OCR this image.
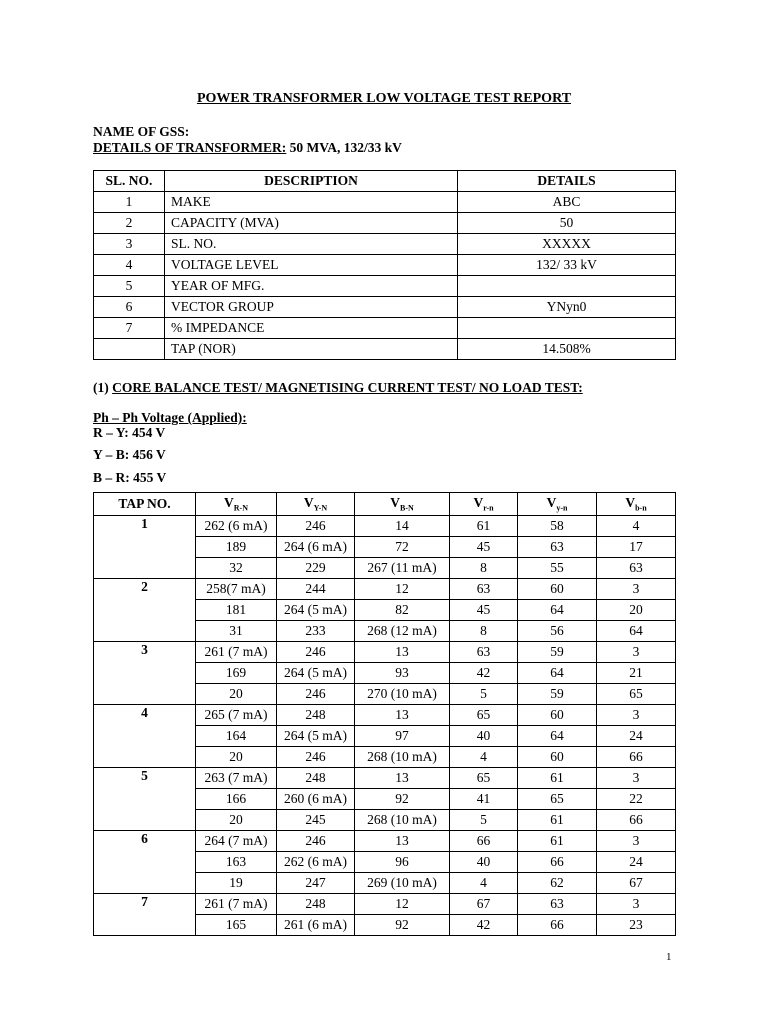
POWER TRANSFORMER LOW VOLTAGE TEST REPORT
NAME OF GSS:
DETAILS OF TRANSFORMER: 50 MVA, 132/33 kV
SL. NO.	DESCRIPTION	DETAILS
1	MAKE	ABC
2	CAPACITY (MVA)	50
3	SL. NO.	XXXXX
4	VOLTAGE LEVEL	132/ 33 kV
5	YEAR OF MFG.	
6	VECTOR GROUP	YNyn0
7	% IMPEDANCE	
	TAP (NOR)	14.508%
(1) CORE BALANCE TEST/ MAGNETISING CURRENT TEST/ NO LOAD TEST:
Ph – Ph Voltage (Applied):
R – Y: 454 V
Y – B: 456 V
B – R: 455 V
TAP NO.	$V_{R-N}$	$V_{Y-N}$	$V_{B-N}$	$V_{r-n}$	$V_{y-n}$	$V_{b-n}$
1	262 (6 mA)	246	14	61	58	4
	189	264 (6 mA)	72	45	63	17
	32	229	267 (11 mA)	8	55	63
2	258(7 mA)	244	12	63	60	3
	181	264 (5 mA)	82	45	64	20
	31	233	268 (12 mA)	8	56	64
3	261 (7 mA)	246	13	63	59	3
	169	264 (5 mA)	93	42	64	21
	20	246	270 (10 mA)	5	59	65
4	265 (7 mA)	248	13	65	60	3
	164	264 (5 mA)	97	40	64	24
	20	246	268 (10 mA)	4	60	66
5	263 (7 mA)	248	13	65	61	3
	166	260 (6 mA)	92	41	65	22
	20	245	268 (10 mA)	5	61	66
6	264 (7 mA)	246	13	66	61	3
	163	262 (6 mA)	96	40	66	24
	19	247	269 (10 mA)	4	62	67
7	261 (7 mA)	248	12	67	63	3
	165	261 (6 mA)	92	42	66	23
1
